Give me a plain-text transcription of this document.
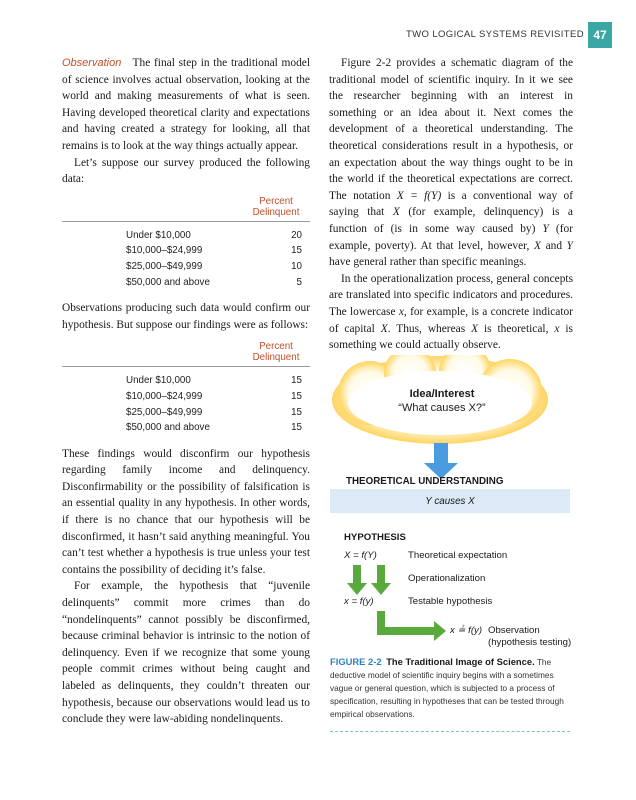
TWO LOGICAL SYSTEMS REVISITED 47

Observation The final step in the traditional model of science involves actual observation, looking at the world and making measurements of what is seen. Having developed theoretical clarity and expectations and having created a strategy for looking, all that remains is to look at the way things actually appear.

Let’s suppose our survey produced the following data:

Percent
Delinquent
Under $10,000	20
$10,000–$24,999	15
$25,000–$49,999	10
$50,000 and above	5

Observations producing such data would confirm our hypothesis. But suppose our findings were as follows:

Percent
Delinquent
Under $10,000	15
$10,000–$24,999	15
$25,000–$49,999	15
$50,000 and above	15

These findings would disconfirm our hypothesis regarding family income and delinquency. Disconfirmability or the possibility of falsification is an essential quality in any hypothesis. In other words, if there is no chance that our hypothesis will be disconfirmed, it hasn’t said anything meaningful. You can’t test whether a hypothesis is true unless your test contains the possibility of deciding it’s false.

For example, the hypothesis that “juvenile delinquents” commit more crimes than do “nondelinquents” cannot possibly be disconfirmed, because criminal behavior is intrinsic to the notion of delinquency. Even if we recognize that some young people commit crimes without being caught and labeled as delinquents, they couldn’t threaten our hypothesis, because our observations would lead us to conclude they were law-abiding nondelinquents.

Figure 2-2 provides a schematic diagram of the traditional model of scientific inquiry. In it we see the researcher beginning with an interest in something or an idea about it. Next comes the development of a theoretical understanding. The theoretical considerations result in a hypothesis, or an expectation about the way things ought to be in the world if the theoretical expectations are correct. The notation X = f(Y) is a conventional way of saying that X (for example, delinquency) is a function of (is in some way caused by) Y (for example, poverty). At that level, however, X and Y have general rather than specific meanings.

In the operationalization process, general concepts are translated into specific indicators and procedures. The lowercase x, for example, is a concrete indicator of capital X. Thus, whereas X is theoretical, x is something we could actually observe.

Idea/Interest
“What causes X?”
THEORETICAL UNDERSTANDING
Y causes X
HYPOTHESIS
X = f(Y)	Theoretical expectation
Operationalization
x = f(y)	Testable hypothesis
x ≟ f(y) Observation
(hypothesis testing)
FIGURE 2-2 The Traditional Image of Science. The deductive model of scientific inquiry begins with a sometimes vague or general question, which is subjected to a process of specification, resulting in hypotheses that can be tested through empirical observations.
